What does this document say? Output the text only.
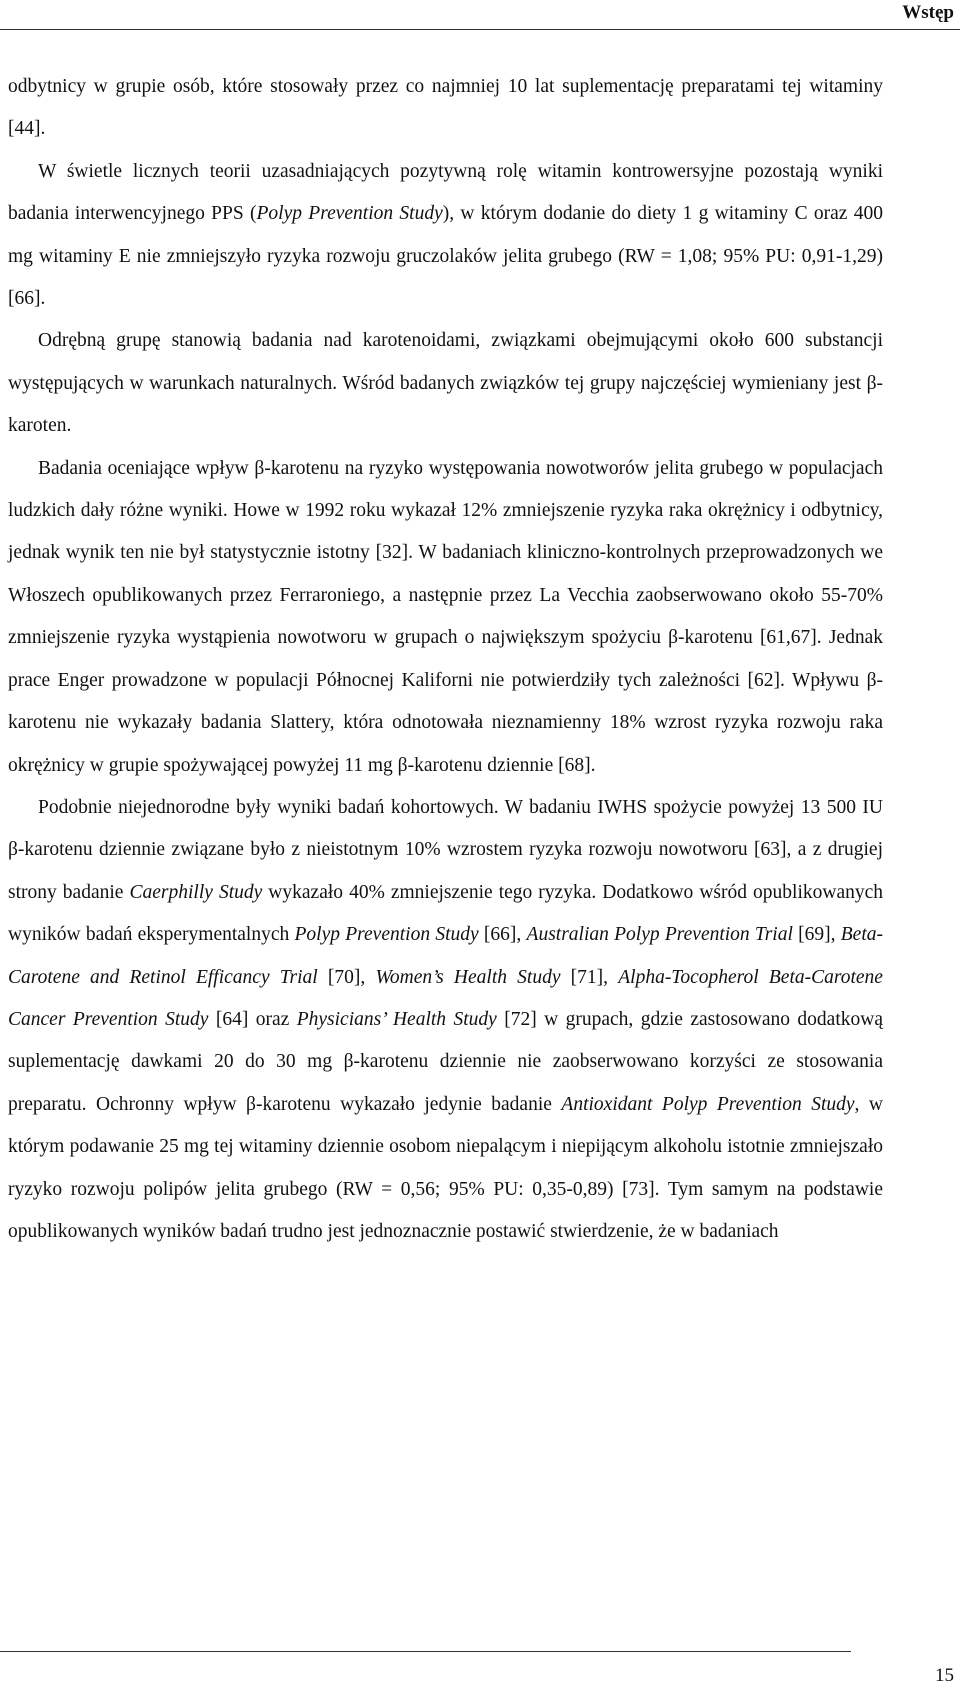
Wstęp

odbytnicy w grupie osób, które stosowały przez co najmniej 10 lat suplementację preparatami tej witaminy [44].

W świetle licznych teorii uzasadniających pozytywną rolę witamin kontrowersyjne pozostają wyniki badania interwencyjnego PPS (Polyp Prevention Study), w którym dodanie do diety 1 g witaminy C oraz 400 mg witaminy E nie zmniejszyło ryzyka rozwoju gruczolaków jelita grubego (RW = 1,08; 95% PU: 0,91-1,29) [66].

Odrębną grupę stanowią badania nad karotenoidami, związkami obejmującymi około 600 substancji występujących w warunkach naturalnych. Wśród badanych związków tej grupy najczęściej wymieniany jest β-karoten.

Badania oceniające wpływ β-karotenu na ryzyko występowania nowotworów jelita grubego w populacjach ludzkich dały różne wyniki. Howe w 1992 roku wykazał 12% zmniejszenie ryzyka raka okrężnicy i odbytnicy, jednak wynik ten nie był statystycznie istotny [32]. W badaniach kliniczno-kontrolnych przeprowadzonych we Włoszech opublikowanych przez Ferraroniego, a następnie przez La Vecchia zaobserwowano około 55-70% zmniejszenie ryzyka wystąpienia nowotworu w grupach o największym spożyciu β-karotenu [61,67]. Jednak prace Enger prowadzone w populacji Północnej Kaliforni nie potwierdziły tych zależności [62]. Wpływu β-karotenu nie wykazały badania Slattery, która odnotowała nieznamienny 18% wzrost ryzyka rozwoju raka okrężnicy w grupie spożywającej powyżej 11 mg β-karotenu dziennie [68].

Podobnie niejednorodne były wyniki badań kohortowych. W badaniu IWHS spożycie powyżej 13 500 IU β-karotenu dziennie związane było z nieistotnym 10% wzrostem ryzyka rozwoju nowotworu [63], a z drugiej strony badanie Caerphilly Study wykazało 40% zmniejszenie tego ryzyka. Dodatkowo wśród opublikowanych wyników badań eksperymentalnych Polyp Prevention Study [66], Australian Polyp Prevention Trial [69], Beta-Carotene and Retinol Efficancy Trial [70], Women’s Health Study [71], Alpha-Tocopherol Beta-Carotene Cancer Prevention Study [64] oraz Physicians’ Health Study [72] w grupach, gdzie zastosowano dodatkową suplementację dawkami 20 do 30 mg β-karotenu dziennie nie zaobserwowano korzyści ze stosowania preparatu. Ochronny wpływ β-karotenu wykazało jedynie badanie Antioxidant Polyp Prevention Study, w którym podawanie 25 mg tej witaminy dziennie osobom niepalącym i niepijącym alkoholu istotnie zmniejszało ryzyko rozwoju polipów jelita grubego (RW = 0,56; 95% PU: 0,35-0,89) [73]. Tym samym na podstawie opublikowanych wyników badań trudno jest jednoznacznie postawić stwierdzenie, że w badaniach

15
